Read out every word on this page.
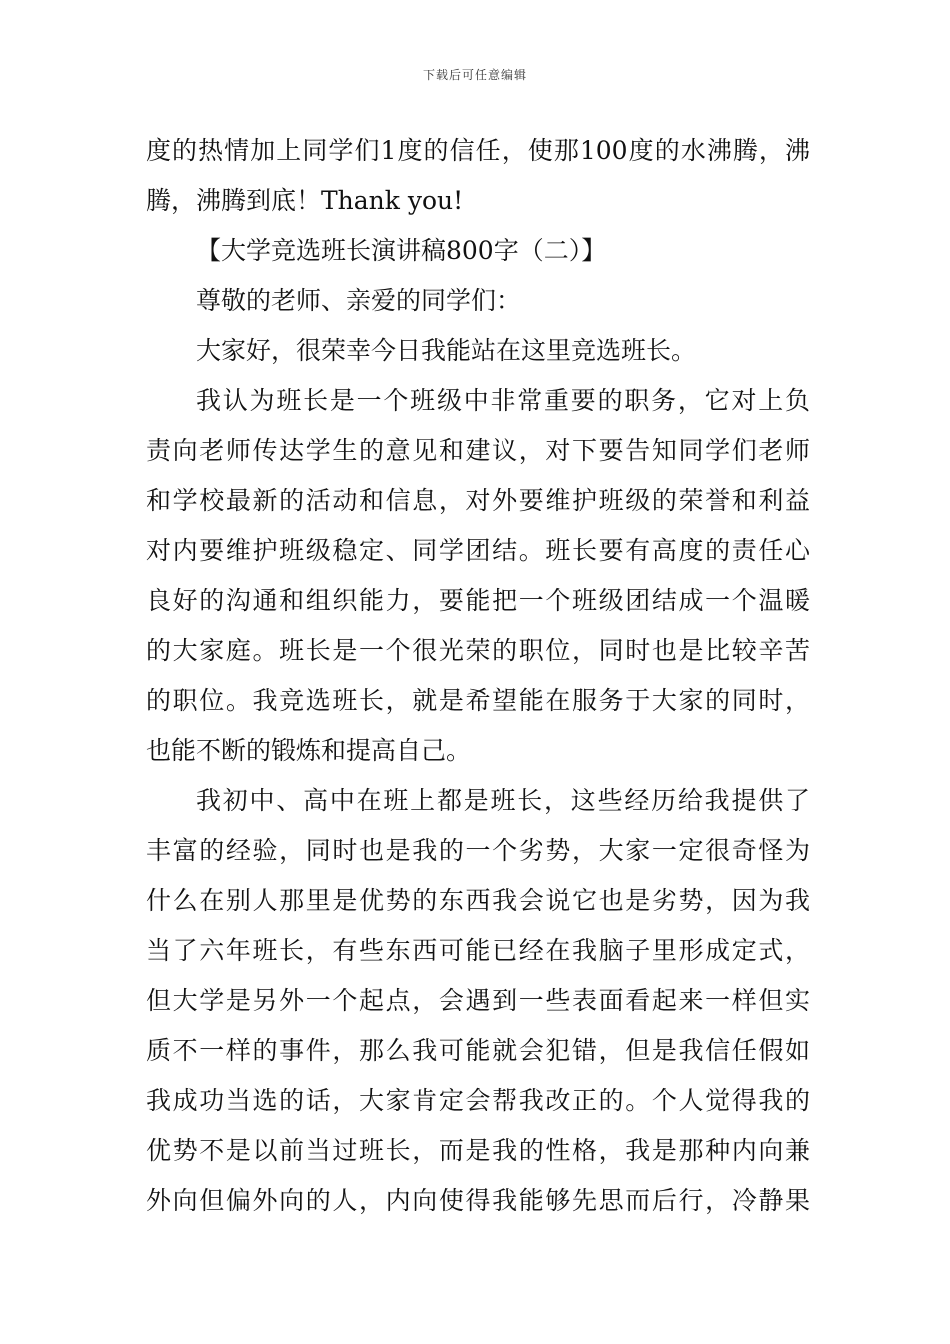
下载后可任意编辑
度的热情加上同学们1度的信任，使那100度的水沸腾，沸
腾，沸腾到底！Thank you!
【大学竞选班长演讲稿800字（二）】
尊敬的老师、亲爱的同学们：
大家好，很荣幸今日我能站在这里竞选班长。
我认为班长是一个班级中非常重要的职务，它对上负
责向老师传达学生的意见和建议，对下要告知同学们老师
和学校最新的活动和信息，对外要维护班级的荣誉和利益
对内要维护班级稳定、同学团结。班长要有高度的责任心
良好的沟通和组织能力，要能把一个班级团结成一个温暖
的大家庭。班长是一个很光荣的职位，同时也是比较辛苦
的职位。我竞选班长，就是希望能在服务于大家的同时，
也能不断的锻炼和提高自己。
我初中、高中在班上都是班长，这些经历给我提供了
丰富的经验，同时也是我的一个劣势，大家一定很奇怪为
什么在别人那里是优势的东西我会说它也是劣势，因为我
当了六年班长，有些东西可能已经在我脑子里形成定式，
但大学是另外一个起点，会遇到一些表面看起来一样但实
质不一样的事件，那么我可能就会犯错，但是我信任假如
我成功当选的话，大家肯定会帮我改正的。个人觉得我的
优势不是以前当过班长，而是我的性格，我是那种内向兼
外向但偏外向的人，内向使得我能够先思而后行，冷静果
